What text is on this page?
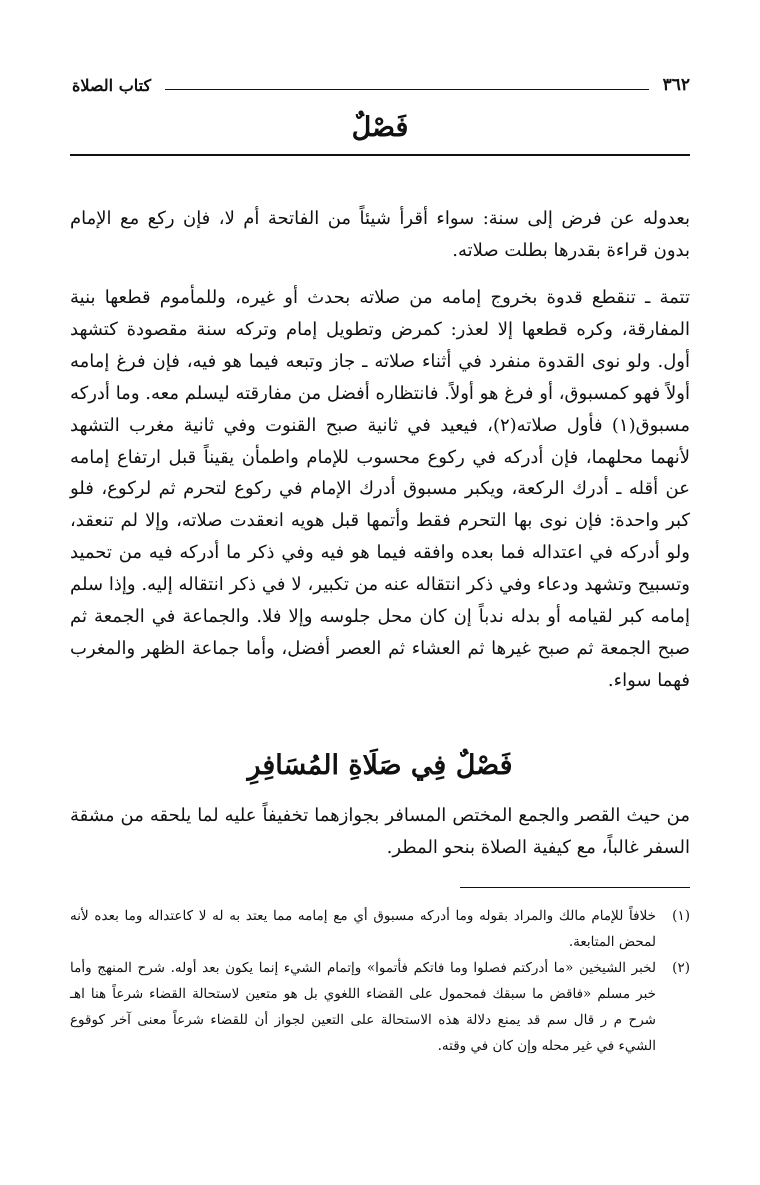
٣٦٢
كتاب الصلاة
فَصْلٌ

بعدوله عن فرض إلى سنة: سواء أقرأ شيئاً من الفاتحة أم لا، فإن ركع مع الإمام بدون قراءة بقدرها بطلت صلاته.

تتمة ـ تنقطع قدوة بخروج إمامه من صلاته بحدث أو غيره، وللمأموم قطعها بنية المفارقة، وكره قطعها إلا لعذر: كمرض وتطويل إمام وتركه سنة مقصودة كتشهد أول. ولو نوى القدوة منفرد في أثناء صلاته ـ جاز وتبعه فيما هو فيه، فإن فرغ إمامه أولاً فهو كمسبوق، أو فرغ هو أولاً. فانتظاره أفضل من مفارقته ليسلم معه. وما أدركه مسبوق(١) فأول صلاته(٢)، فيعيد في ثانية صبح القنوت وفي ثانية مغرب التشهد لأنهما محلهما، فإن أدركه في ركوع محسوب للإمام واطمأن يقيناً قبل ارتفاع إمامه عن أقله ـ أدرك الركعة، ويكبر مسبوق أدرك الإمام في ركوع لتحرم ثم لركوع، فلو كبر واحدة: فإن نوى بها التحرم فقط وأتمها قبل هويه انعقدت صلاته، وإلا لم تنعقد، ولو أدركه في اعتداله فما بعده وافقه فيما هو فيه وفي ذكر ما أدركه فيه من تحميد وتسبيح وتشهد ودعاء وفي ذكر انتقاله عنه من تكبير، لا في ذكر انتقاله إليه. وإذا سلم إمامه كبر لقيامه أو بدله ندباً إن كان محل جلوسه وإلا فلا. والجماعة في الجمعة ثم صبح الجمعة ثم صبح غيرها ثم العشاء ثم العصر أفضل، وأما جماعة الظهر والمغرب فهما سواء.

فَصْلٌ فِي صَلَاةِ المُسَافِرِ

من حيث القصر والجمع المختص المسافر بجوازهما تخفيفاً عليه لما يلحقه من مشقة السفر غالباً، مع كيفية الصلاة بنحو المطر.

(١)
خلافاً للإمام مالك والمراد بقوله وما أدركه مسبوق أي مع إمامه مما يعتد به له لا كاعتداله وما بعده لأنه لمحض المتابعة.
(٢)
لخبر الشيخين «ما أدركتم فصلوا وما فاتكم فأتموا» وإتمام الشيء إنما يكون بعد أوله. شرح المنهج وأما خبر مسلم «فاقض ما سبقك فمحمول على القضاء اللغوي بل هو متعين لاستحالة القضاء شرعاً هنا اهـ شرح م ر قال سم قد يمنع دلالة هذه الاستحالة على التعين لجواز أن للقضاء شرعاً معنى آخر كوقوع الشيء في غير محله وإن كان في وقته.
